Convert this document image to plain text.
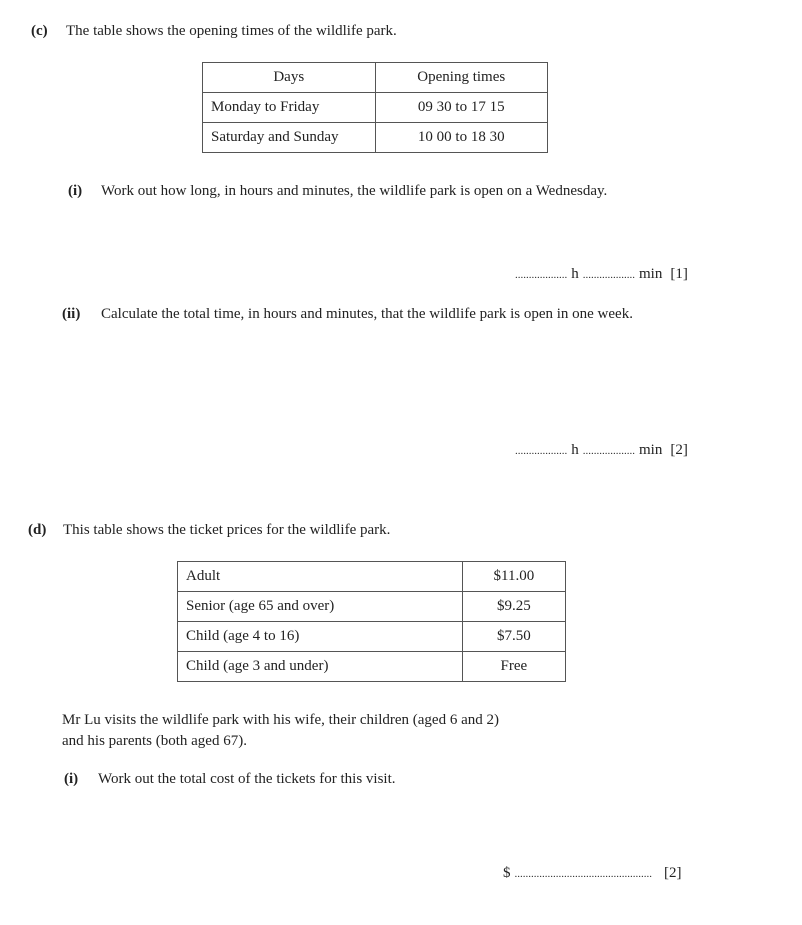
(c) The table shows the opening times of the wildlife park.
Days	Opening times
Monday to Friday	09 30 to 17 15
Saturday and Sunday	10 00 to 18 30
(i) Work out how long, in hours and minutes, the wildlife park is open on a Wednesday.
................... h ................... min [1]
(ii) Calculate the total time, in hours and minutes, that the wildlife park is open in one week.
................... h ................... min [2]
(d) This table shows the ticket prices for the wildlife park.
Adult	$11.00
Senior (age 65 and over)	$9.25
Child (age 4 to 16)	$7.50
Child (age 3 and under)	Free
Mr Lu visits the wildlife park with his wife, their children (aged 6 and 2)
and his parents (both aged 67).
(i) Work out the total cost of the tickets for this visit.
$ .................................................. [2]
